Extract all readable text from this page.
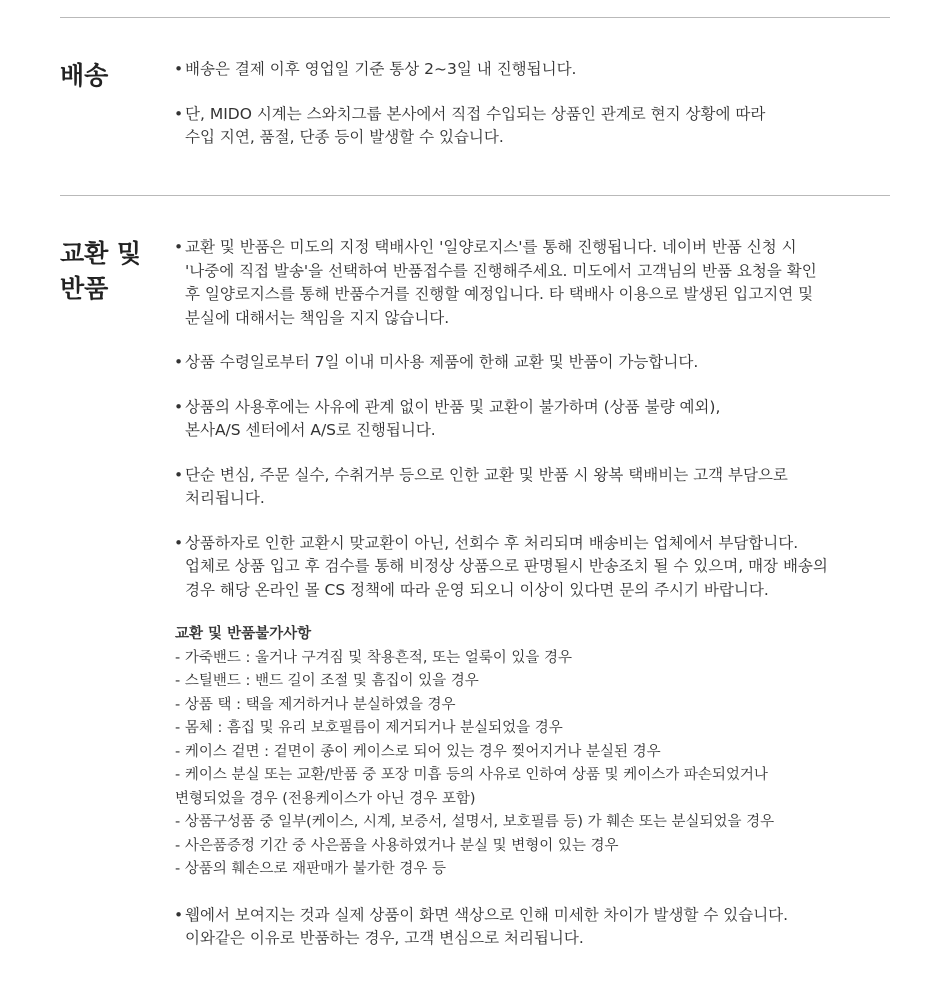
배송

•	배송은 결제 이후 영업일 기준 통상 2~3일 내 진행됩니다.

• 단, MIDO 시계는 스와치그룹 본사에서 직접 수입되는 상품인 관계로 현지 상황에 따라
수입 지연, 품절, 단종 등이 발생할 수 있습니다.

교환 및
반품

• 교환 및 반품은 미도의 지정 택배사인 '일양로지스'를 통해 진행됩니다. 네이버 반품 신청 시
'나중에 직접 발송'을 선택하여 반품접수를 진행해주세요. 미도에서 고객님의 반품 요청을 확인
후 일양로지스를 통해 반품수거를 진행할 예정입니다. 타 택배사 이용으로 발생된 입고지연 및
분실에 대해서는 책임을 지지 않습니다.

• 상품 수령일로부터 7일 이내 미사용 제품에 한해 교환 및 반품이 가능합니다.

• 상품의 사용후에는 사유에 관계 없이 반품 및 교환이 불가하며 (상품 불량 예외),
본사A/S 센터에서 A/S로 진행됩니다.

• 단순 변심, 주문 실수, 수취거부 등으로 인한 교환 및 반품 시 왕복 택배비는 고객 부담으로
처리됩니다.

• 상품하자로 인한 교환시 맞교환이 아닌, 선회수 후 처리되며 배송비는 업체에서 부담합니다.
업체로 상품 입고 후 검수를 통해 비정상 상품으로 판명될시 반송조치 될 수 있으며, 매장 배송의
경우 해당 온라인 몰 CS 정책에 따라 운영 되오니 이상이 있다면 문의 주시기 바랍니다.

교환 및 반품불가사항

- 가죽밴드 : 울거나 구겨짐 및 착용흔적, 또는 얼룩이 있을 경우

- 스틸밴드 : 밴드 길이 조절 및 흠집이 있을 경우

- 상품 택 : 택을 제거하거나 분실하였을 경우

- 몸체 : 흠집 및 유리 보호필름이 제거되거나 분실되었을 경우

- 케이스 겉면 : 겉면이 종이 케이스로 되어 있는 경우 찢어지거나 분실된 경우

- 케이스 분실 또는 교환/반품 중 포장 미흡 등의 사유로 인하여 상품 및 케이스가 파손되었거나
변형되었을 경우 (전용케이스가 아닌 경우 포함)

- 상품구성품 중 일부(케이스, 시계, 보증서, 설명서, 보호필름 등) 가 훼손 또는 분실되었을 경우

- 사은품증정 기간 중 사은품을 사용하였거나 분실 및 변형이 있는 경우

- 상품의 훼손으로 재판매가 불가한 경우 등

• 웹에서 보여지는 것과 실제 상품이 화면 색상으로 인해 미세한 차이가 발생할 수 있습니다.
이와같은 이유로 반품하는 경우, 고객 변심으로 처리됩니다.
